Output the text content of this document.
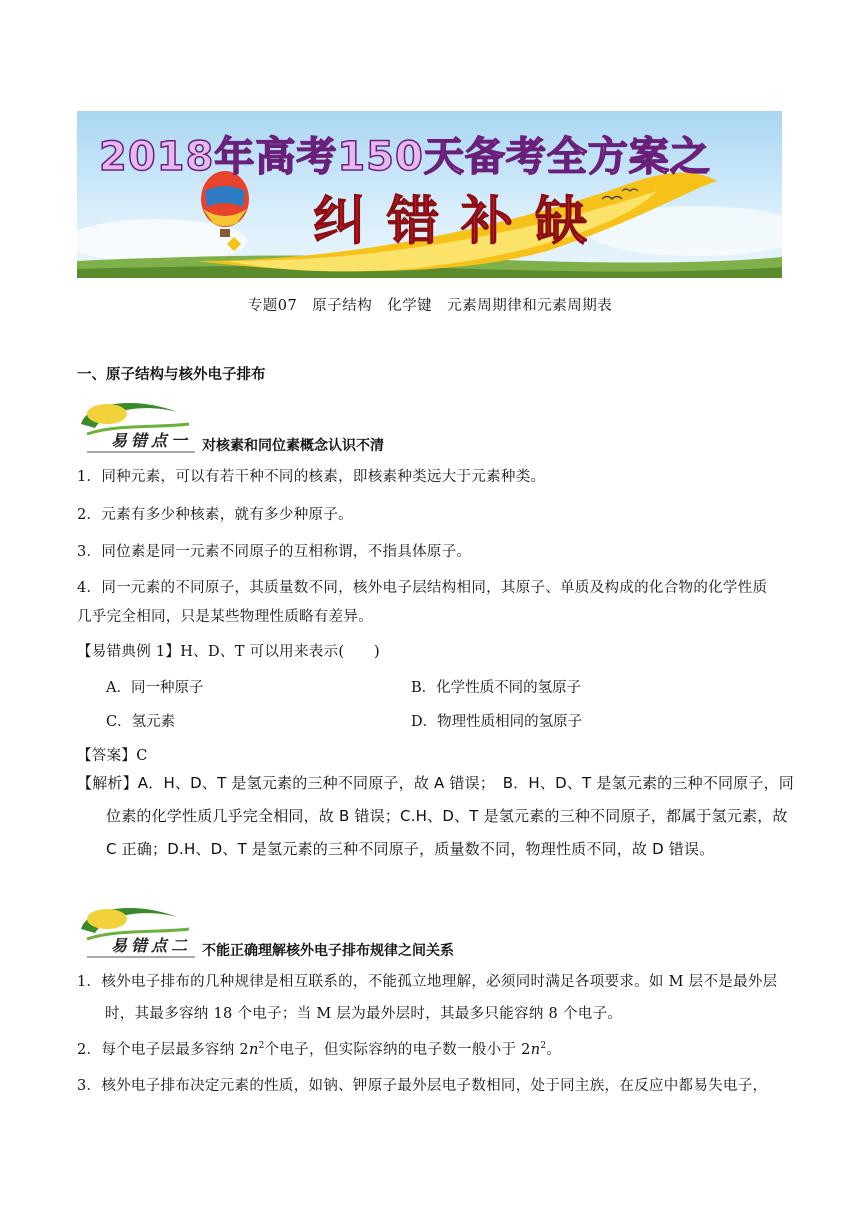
2018年高考150天备考全方案之
纠错补缺
专题07　原子结构　化学键　元素周期律和元素周期表
一、原子结构与核外电子排布
易错点一 对核素和同位素概念认识不清
1．同种元素，可以有若干种不同的核素，即核素种类远大于元素种类。
2．元素有多少种核素，就有多少种原子。
3．同位素是同一元素不同原子的互相称谓，不指具体原子。
4．同一元素的不同原子，其质量数不同，核外电子层结构相同，其原子、单质及构成的化合物的化学性质
几乎完全相同，只是某些物理性质略有差异。
【易错典例 1】H、D、T 可以用来表示(　　)
A．同一种原子	B．化学性质不同的氢原子
C．氢元素	D．物理性质相同的氢原子
【答案】C
【解析】A．H、D、T 是氢元素的三种不同原子，故 A 错误；　B．H、D、T 是氢元素的三种不同原子，同
位素的化学性质几乎完全相同，故 B 错误；C.H、D、T 是氢元素的三种不同原子，都属于氢元素，故
C 正确；D.H、D、T 是氢元素的三种不同原子，质量数不同，物理性质不同，故 D 错误。
易错点二 不能正确理解核外电子排布规律之间关系
1．核外电子排布的几种规律是相互联系的，不能孤立地理解，必须同时满足各项要求。如 M 层不是最外层
时，其最多容纳 18 个电子；当 M 层为最外层时，其最多只能容纳 8 个电子。
2．每个电子层最多容纳 $2n^2$个电子，但实际容纳的电子数一般小于 $2n^2$。
3．核外电子排布决定元素的性质，如钠、钾原子最外层电子数相同，处于同主族，在反应中都易失电子，
